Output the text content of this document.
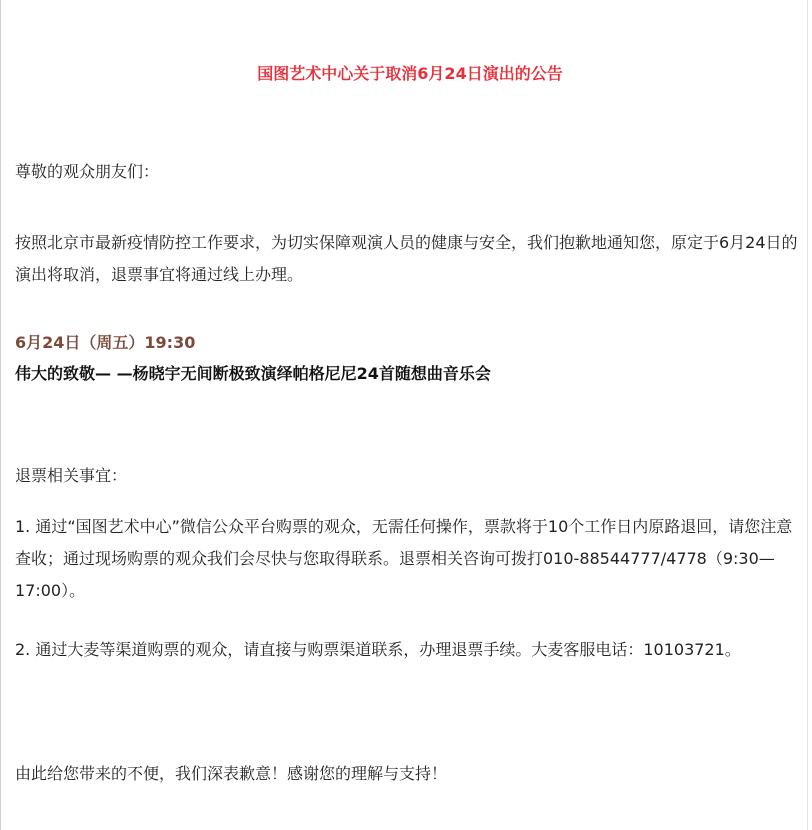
国图艺术中心关于取消6月24日演出的公告
尊敬的观众朋友们：
按照北京市最新疫情防控工作要求，为切实保障观演人员的健康与安全，我们抱歉地通知您，原定于6月24日的演出将取消，退票事宜将通过线上办理。
6月24日（周五）19:30
伟大的致敬— —杨晓宇无间断极致演绎帕格尼尼24首随想曲音乐会
退票相关事宜：
1. 通过“国图艺术中心”微信公众平台购票的观众，无需任何操作，票款将于10个工作日内原路退回，请您注意查收；通过现场购票的观众我们会尽快与您取得联系。退票相关咨询可拨打010-88544777/4778（9:30—17:00）。
2. 通过大麦等渠道购票的观众，请直接与购票渠道联系，办理退票手续。大麦客服电话：10103721。
由此给您带来的不便，我们深表歉意！感谢您的理解与支持！
